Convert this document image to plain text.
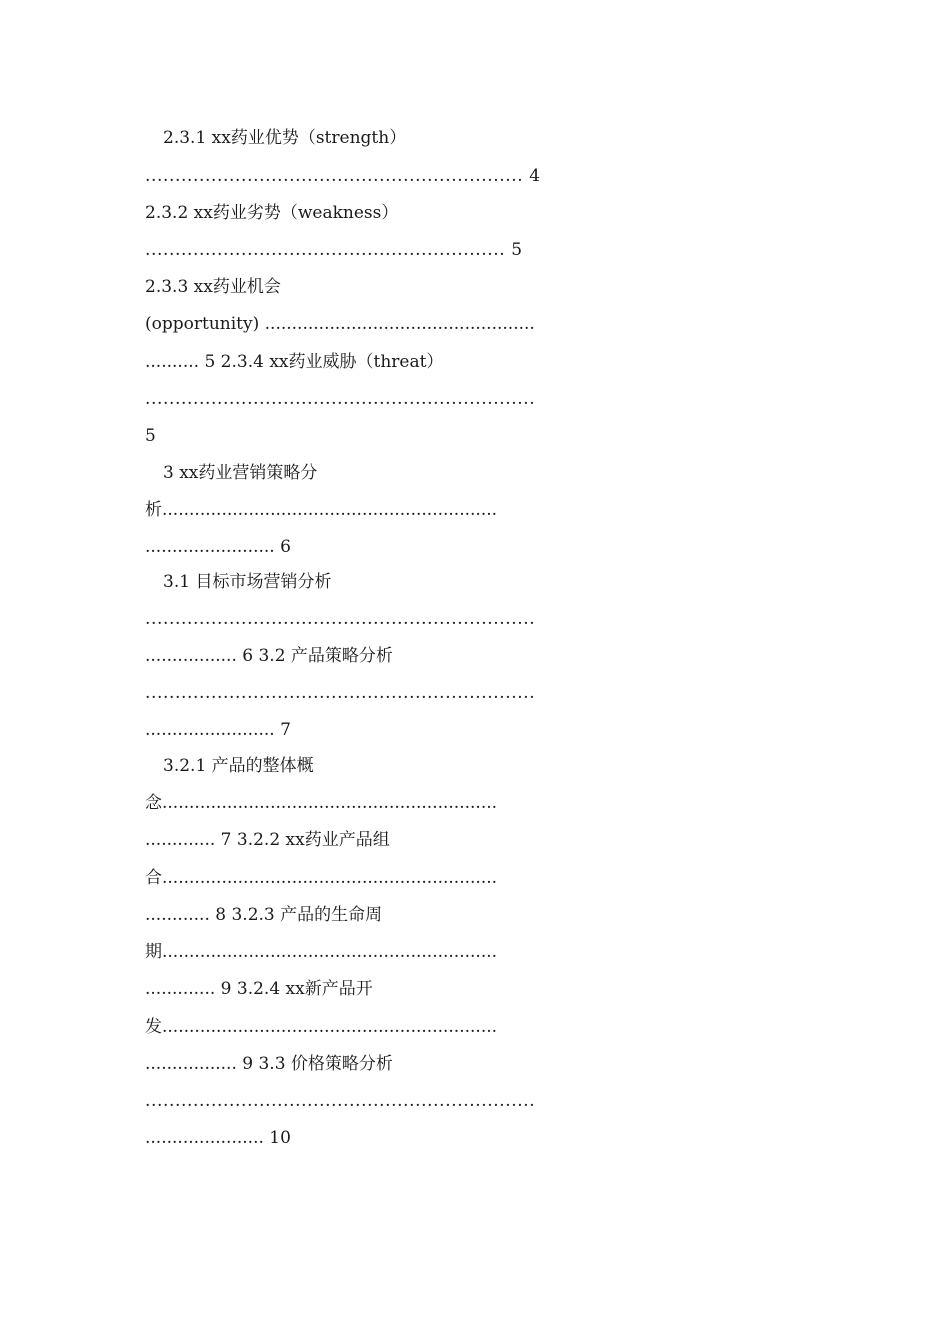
2.3.1 xx药业优势（strength）
............................................................... 4
2.3.2 xx药业劣势（weakness）
............................................................ 5
2.3.3 xx药业机会
(opportunity) ..................................................
.......... 5 2.3.4 xx药业威胁（threat）
.................................................................
5
3 xx药业营销策略分
析..............................................................
........................ 6
3.1 目标市场营销分析
.................................................................
................. 6 3.2 产品策略分析
.................................................................
........................ 7
3.2.1 产品的整体概
念..............................................................
............. 7 3.2.2 xx药业产品组
合..............................................................
............ 8 3.2.3 产品的生命周
期..............................................................
............. 9 3.2.4 xx新产品开
发..............................................................
................. 9 3.3 价格策略分析
.................................................................
...................... 10
